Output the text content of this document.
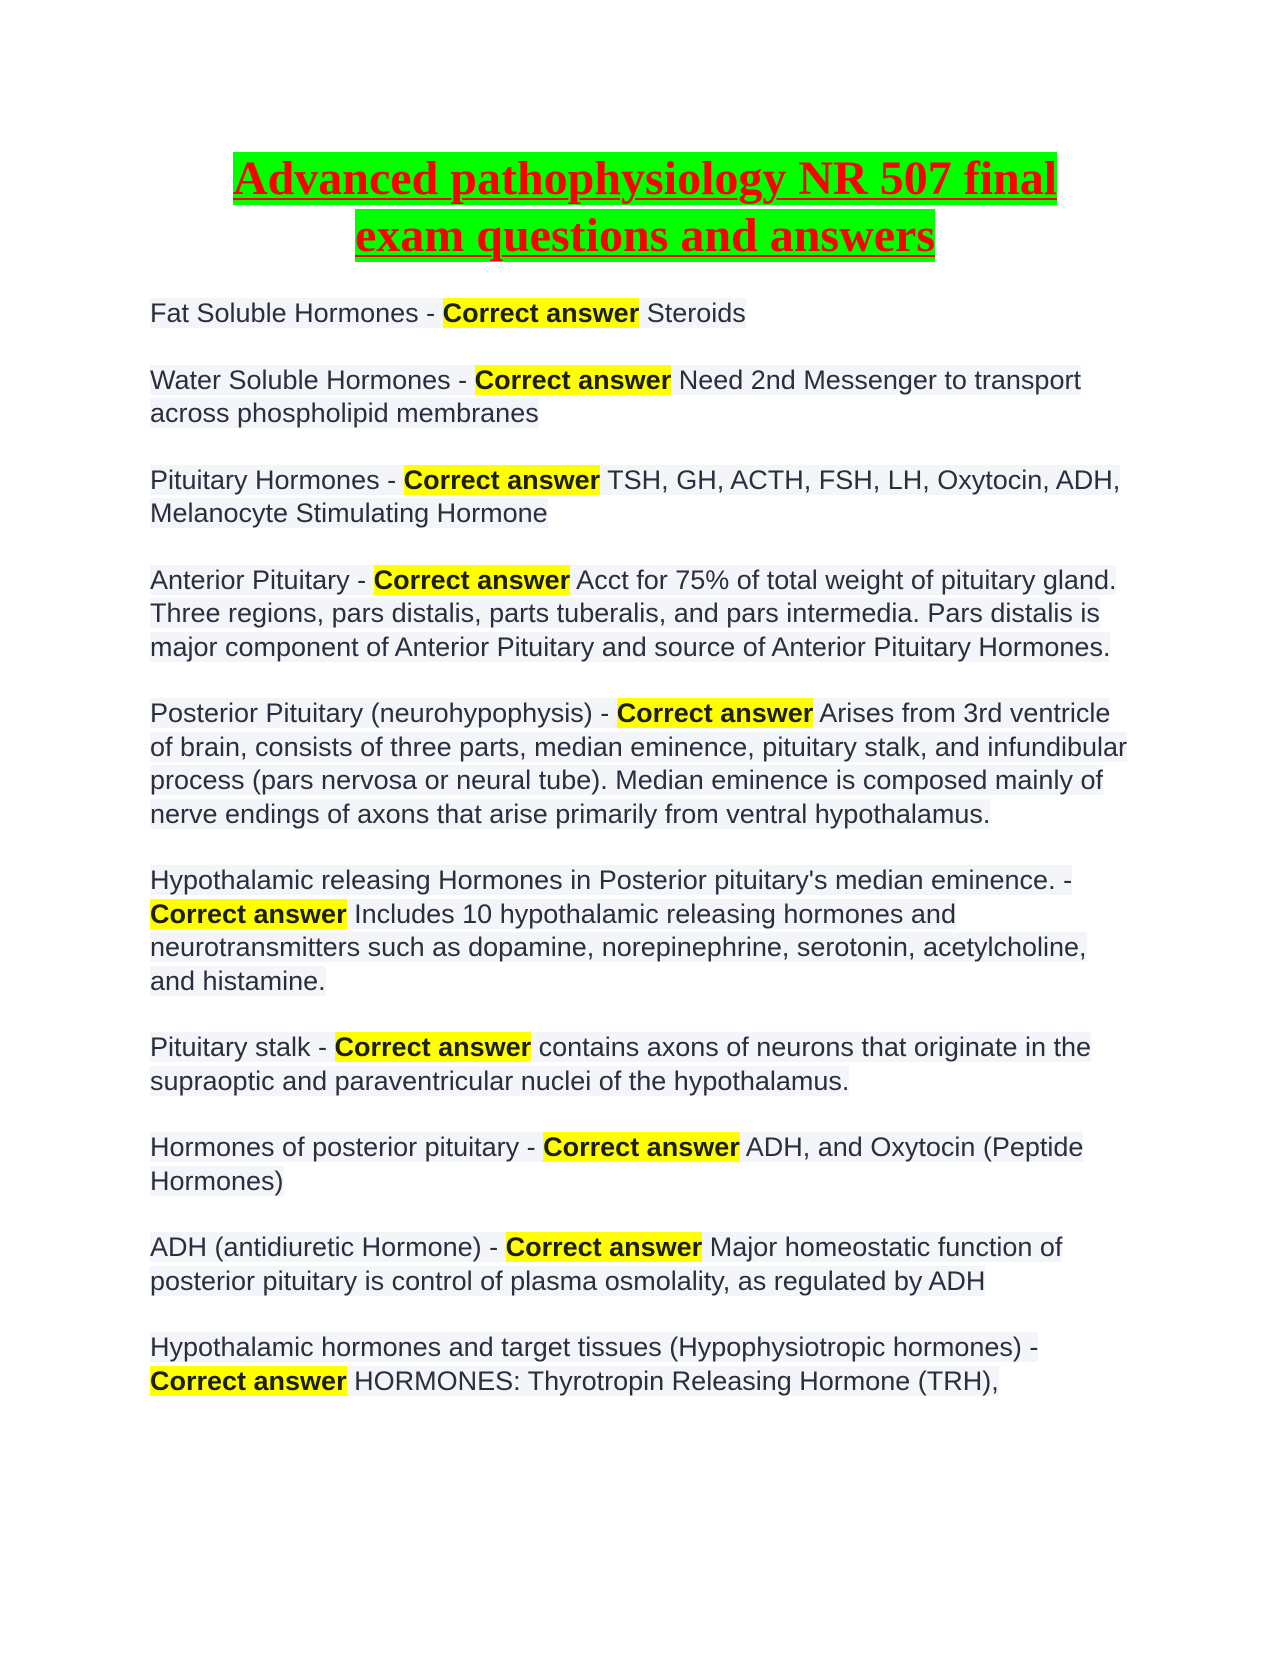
Advanced pathophysiology NR 507 final
exam questions and answers

Fat Soluble Hormones - Correct answer Steroids

Water Soluble Hormones - Correct answer Need 2nd Messenger to transport across phospholipid membranes

Pituitary Hormones - Correct answer TSH, GH, ACTH, FSH, LH, Oxytocin, ADH, Melanocyte Stimulating Hormone

Anterior Pituitary - Correct answer Acct for 75% of total weight of pituitary gland. Three regions, pars distalis, parts tuberalis, and pars intermedia. Pars distalis is major component of Anterior Pituitary and source of Anterior Pituitary Hormones.

Posterior Pituitary (neurohypophysis) - Correct answer Arises from 3rd ventricle of brain, consists of three parts, median eminence, pituitary stalk, and infundibular process (pars nervosa or neural tube). Median eminence is composed mainly of nerve endings of axons that arise primarily from ventral hypothalamus.

Hypothalamic releasing Hormones in Posterior pituitary's median eminence. - Correct answer Includes 10 hypothalamic releasing hormones and neurotransmitters such as dopamine, norepinephrine, serotonin, acetylcholine, and histamine.

Pituitary stalk - Correct answer contains axons of neurons that originate in the supraoptic and paraventricular nuclei of the hypothalamus.

Hormones of posterior pituitary - Correct answer ADH, and Oxytocin (Peptide Hormones)

ADH (antidiuretic Hormone) - Correct answer Major homeostatic function of posterior pituitary is control of plasma osmolality, as regulated by ADH

Hypothalamic hormones and target tissues (Hypophysiotropic hormones) - Correct answer HORMONES: Thyrotropin Releasing Hormone (TRH),
